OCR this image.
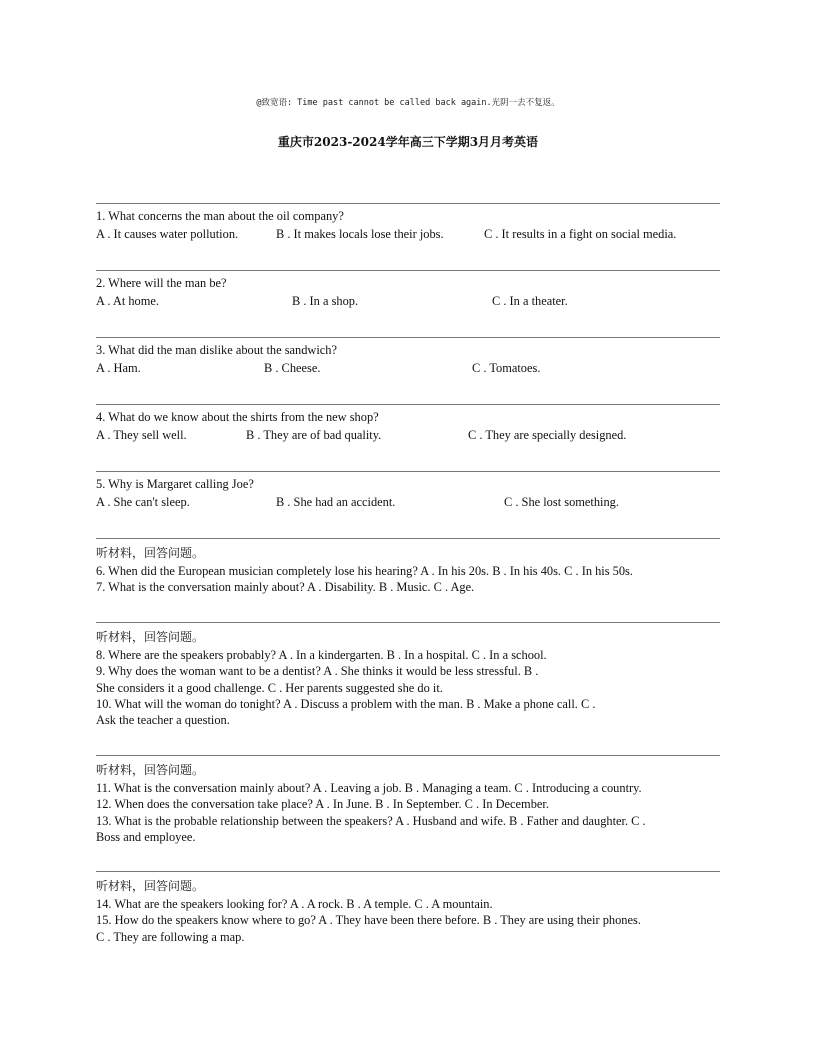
@致宽语: Time past cannot be called back again.光阴一去不复返。
重庆市2023-2024学年高三下学期3月月考英语
1. What concerns the man about the oil company?
A . It causes water pollution.	B . It makes locals lose their jobs.	C . It results in a fight on social media.
2. Where will the man be?
A . At home.	B . In a shop.	C . In a theater.
3. What did the man dislike about the sandwich?
A . Ham.	B . Cheese.	C . Tomatoes.
4. What do we know about the shirts from the new shop?
A . They sell well.	B . They are of bad quality.	C . They are specially designed.
5. Why is Margaret calling Joe?
A . She can't sleep.	B . She had an accident.	C . She lost something.
听材料，回答问题。
6. When did the European musician completely lose his hearing? A . In his 20s. B . In his 40s. C . In his 50s.
7. What is the conversation mainly about? A . Disability. B . Music. C . Age.
听材料，回答问题。
8. Where are the speakers probably? A . In a kindergarten. B . In a hospital. C . In a school.
9. Why does the woman want to be a dentist? A . She thinks it would be less stressful. B .
She considers it a good challenge. C . Her parents suggested she do it.
10. What will the woman do tonight? A . Discuss a problem with the man. B . Make a phone call. C .
Ask the teacher a question.
听材料，回答问题。
11. What is the conversation mainly about? A . Leaving a job. B . Managing a team. C . Introducing a country.
12. When does the conversation take place? A . In June. B . In September. C . In December.
13. What is the probable relationship between the speakers? A . Husband and wife. B . Father and daughter. C .
Boss and employee.
听材料，回答问题。
14. What are the speakers looking for? A . A rock. B . A temple. C . A mountain.
15. How do the speakers know where to go? A . They have been there before. B . They are using their phones.
C . They are following a map.
